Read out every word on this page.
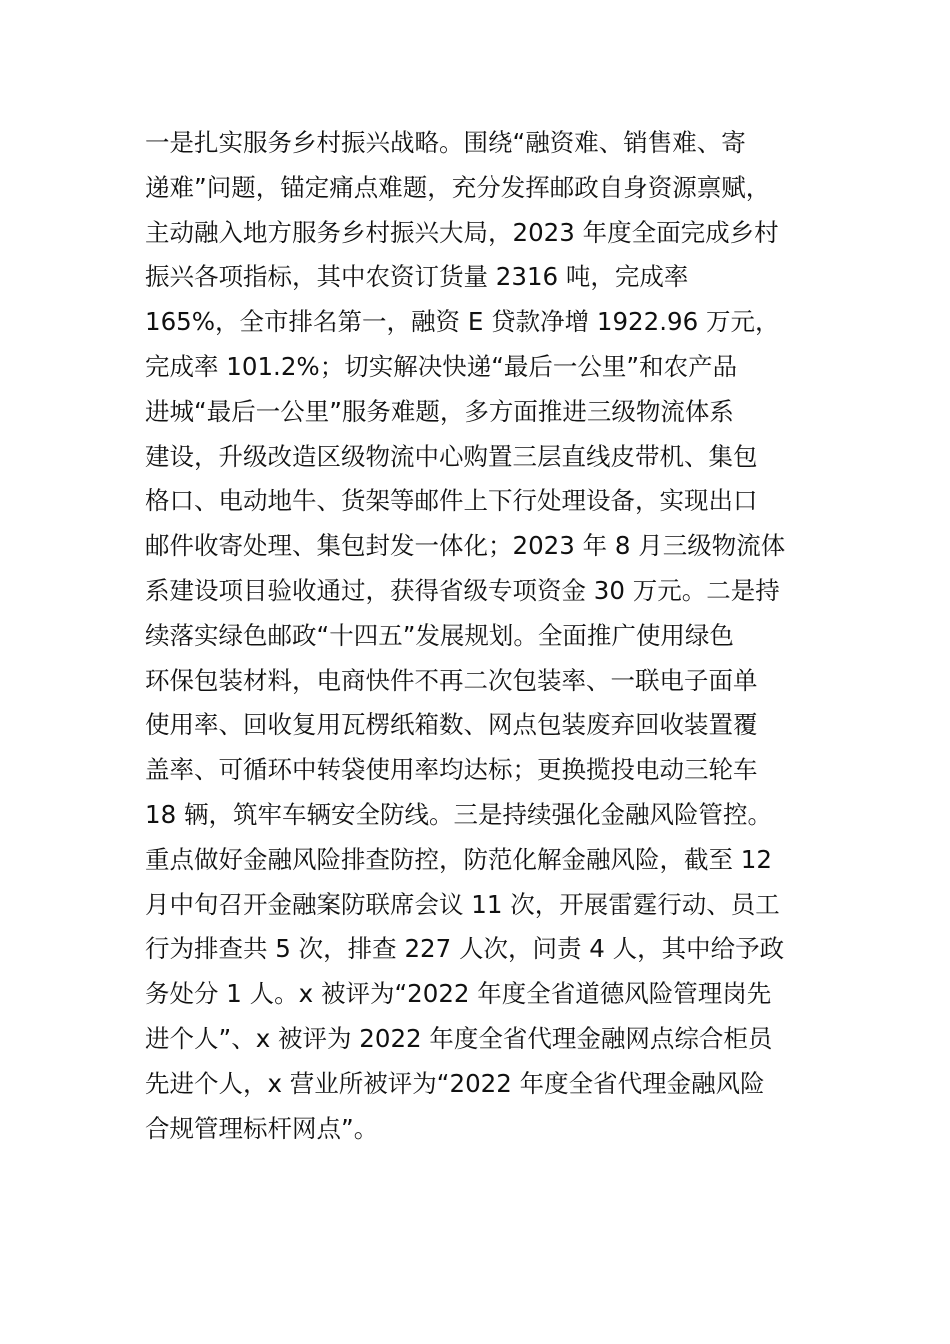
一是扎实服务乡村振兴战略。围绕“融资难、销售难、寄
递难”问题，锚定痛点难题，充分发挥邮政自身资源禀赋，
主动融入地方服务乡村振兴大局，2023 年度全面完成乡村
振兴各项指标，其中农资订货量 2316 吨，完成率
165%，全市排名第一，融资 E 贷款净增 1922.96 万元，
完成率 101.2%；切实解决快递“最后一公里”和农产品
进城“最后一公里”服务难题，多方面推进三级物流体系
建设，升级改造区级物流中心购置三层直线皮带机、集包
格口、电动地牛、货架等邮件上下行处理设备，实现出口
邮件收寄处理、集包封发一体化；2023 年 8 月三级物流体
系建设项目验收通过，获得省级专项资金 30 万元。二是持
续落实绿色邮政“十四五”发展规划。全面推广使用绿色
环保包装材料，电商快件不再二次包装率、一联电子面单
使用率、回收复用瓦楞纸箱数、网点包装废弃回收装置覆
盖率、可循环中转袋使用率均达标；更换揽投电动三轮车
18 辆，筑牢车辆安全防线。三是持续强化金融风险管控。
重点做好金融风险排查防控，防范化解金融风险，截至 12
月中旬召开金融案防联席会议 11 次，开展雷霆行动、员工
行为排查共 5 次，排查 227 人次，问责 4 人，其中给予政
务处分 1 人。x 被评为“2022 年度全省道德风险管理岗先
进个人”、x 被评为 2022 年度全省代理金融网点综合柜员
先进个人，x 营业所被评为“2022 年度全省代理金融风险
合规管理标杆网点”。
